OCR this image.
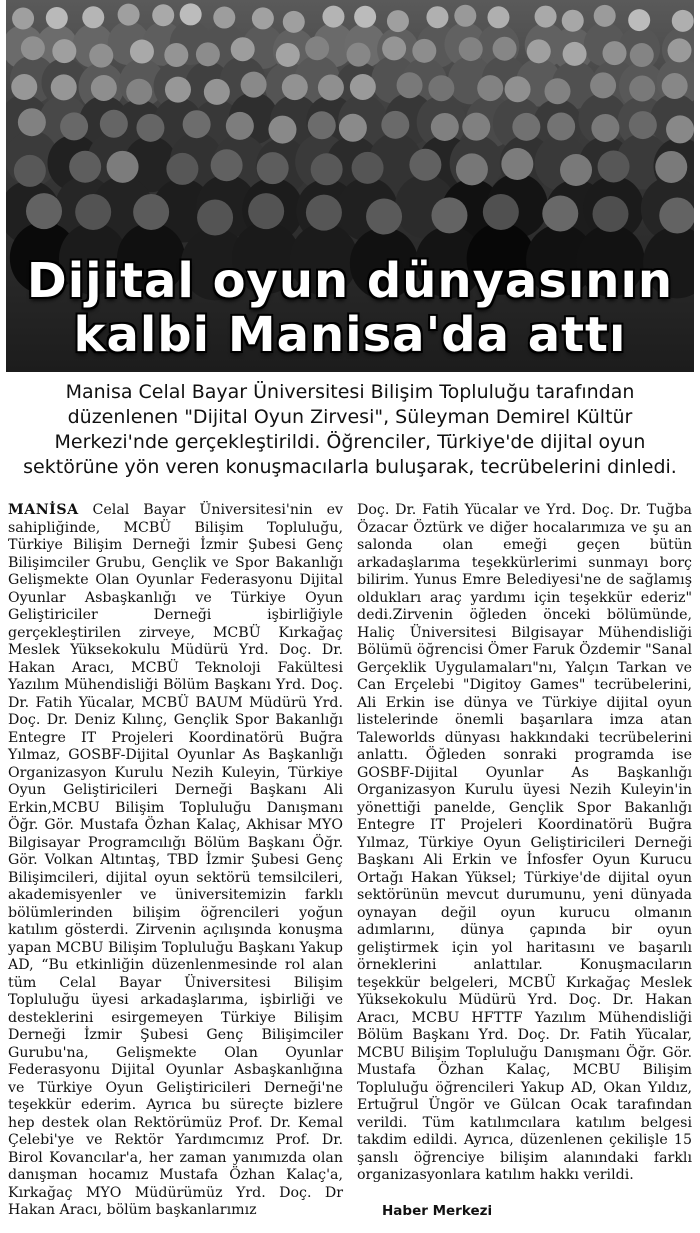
Dijital oyun dünyasının
kalbi Manisa'da attı

Manisa Celal Bayar Üniversitesi Bilişim Topluluğu tarafından düzenlenen "Dijital Oyun Zirvesi", Süleyman Demirel Kültür Merkezi'nde gerçekleştirildi. Öğrenciler, Türkiye'de dijital oyun sektörüne yön veren konuşmacılarla buluşarak, tecrübelerini dinledi.

MANİSA Celal Bayar Üniversitesi'nin ev sahipliğinde, MCBÜ Bilişim Topluluğu, Türkiye Bilişim Derneği İzmir Şubesi Genç Bilişimciler Grubu, Gençlik ve Spor Bakanlığı Gelişmekte Olan Oyunlar Federasyonu Dijital Oyunlar Asbaşkanlığı ve Türkiye Oyun Geliştiriciler Derneği işbirliğiyle gerçekleştirilen zirveye, MCBÜ Kırkağaç Meslek Yüksekokulu Müdürü Yrd. Doç. Dr. Hakan Aracı, MCBÜ Teknoloji Fakültesi Yazılım Mühendisliği Bölüm Başkanı Yrd. Doç. Dr. Fatih Yücalar, MCBÜ BAUM Müdürü Yrd. Doç. Dr. Deniz Kılınç, Gençlik Spor Bakanlığı Entegre IT Projeleri Koordinatörü Buğra Yılmaz, GOSBF-Dijital Oyunlar As Başkanlığı Organizasyon Kurulu Nezih Kuleyin, Türkiye Oyun Geliştiricileri Derneği Başkanı Ali Erkin,MCBU Bilişim Topluluğu Danışmanı Öğr. Gör. Mustafa Özhan Kalaç, Akhisar MYO Bilgisayar Programcılığı Bölüm Başkanı Öğr. Gör. Volkan Altıntaş, TBD İzmir Şubesi Genç Bilişimcileri, dijital oyun sektörü temsilcileri, akademisyenler ve üniversitemizin farklı bölümlerinden bilişim öğrencileri yoğun katılım gösterdi. Zirvenin açılışında konuşma yapan MCBU Bilişim Topluluğu Başkanı Yakup AD, “Bu etkinliğin düzenlenmesinde rol alan tüm Celal Bayar Üniversitesi Bilişim Topluluğu üyesi arkadaşlarıma, işbirliği ve desteklerini esirgemeyen Türkiye Bilişim Derneği İzmir Şubesi Genç Bilişimciler Gurubu'na, Gelişmekte Olan Oyunlar Federasyonu Dijital Oyunlar Asbaşkanlığına ve Türkiye Oyun Geliştiricileri Derneği'ne teşekkür ederim. Ayrıca bu süreçte bizlere hep destek olan Rektörümüz Prof. Dr. Kemal Çelebi'ye ve Rektör Yardımcımız Prof. Dr. Birol Kovancılar'a, her zaman yanımızda olan danışman hocamız Mustafa Özhan Kalaç'a, Kırkağaç MYO Müdürümüz Yrd. Doç. Dr Hakan Aracı, bölüm başkanlarımız

Doç. Dr. Fatih Yücalar ve Yrd. Doç. Dr. Tuğba Özacar Öztürk ve diğer hocalarımıza ve şu an salonda olan emeği geçen bütün arkadaşlarıma teşekkürlerimi sunmayı borç bilirim. Yunus Emre Belediyesi'ne de sağlamış oldukları araç yardımı için teşekkür ederiz" dedi.Zirvenin öğleden önceki bölümünde, Haliç Üniversitesi Bilgisayar Mühendisliği Bölümü öğrencisi Ömer Faruk Özdemir "Sanal Gerçeklik Uygulamaları"nı, Yalçın Tarkan ve Can Erçelebi "Digitoy Games" tecrübelerini, Ali Erkin ise dünya ve Türkiye dijital oyun listelerinde önemli başarılara imza atan Taleworlds dünyası hakkındaki tecrübelerini anlattı. Öğleden sonraki programda ise GOSBF-Dijital Oyunlar As Başkanlığı Organizasyon Kurulu üyesi Nezih Kuleyin'in yönettiği panelde, Gençlik Spor Bakanlığı Entegre IT Projeleri Koordinatörü Buğra Yılmaz, Türkiye Oyun Geliştiricileri Derneği Başkanı Ali Erkin ve İnfosfer Oyun Kurucu Ortağı Hakan Yüksel; Türkiye'de dijital oyun sektörünün mevcut durumunu, yeni dünyada oynayan değil oyun kurucu olmanın adımlarını, dünya çapında bir oyun geliştirmek için yol haritasını ve başarılı örneklerini anlattılar. Konuşmacıların teşekkür belgeleri, MCBÜ Kırkağaç Meslek Yüksekokulu Müdürü Yrd. Doç. Dr. Hakan Aracı, MCBU HFTTF Yazılım Mühendisliği Bölüm Başkanı Yrd. Doç. Dr. Fatih Yücalar, MCBU Bilişim Topluluğu Danışmanı Öğr. Gör. Mustafa Özhan Kalaç, MCBU Bilişim Topluluğu öğrencileri Yakup AD, Okan Yıldız, Ertuğrul Üngör ve Gülcan Ocak tarafından verildi. Tüm katılımcılara katılım belgesi takdim edildi. Ayrıca, düzenlenen çekilişle 15 şanslı öğrenciye bilişim alanındaki farklı organizasyonlara katılım hakkı verildi.

Haber Merkezi
